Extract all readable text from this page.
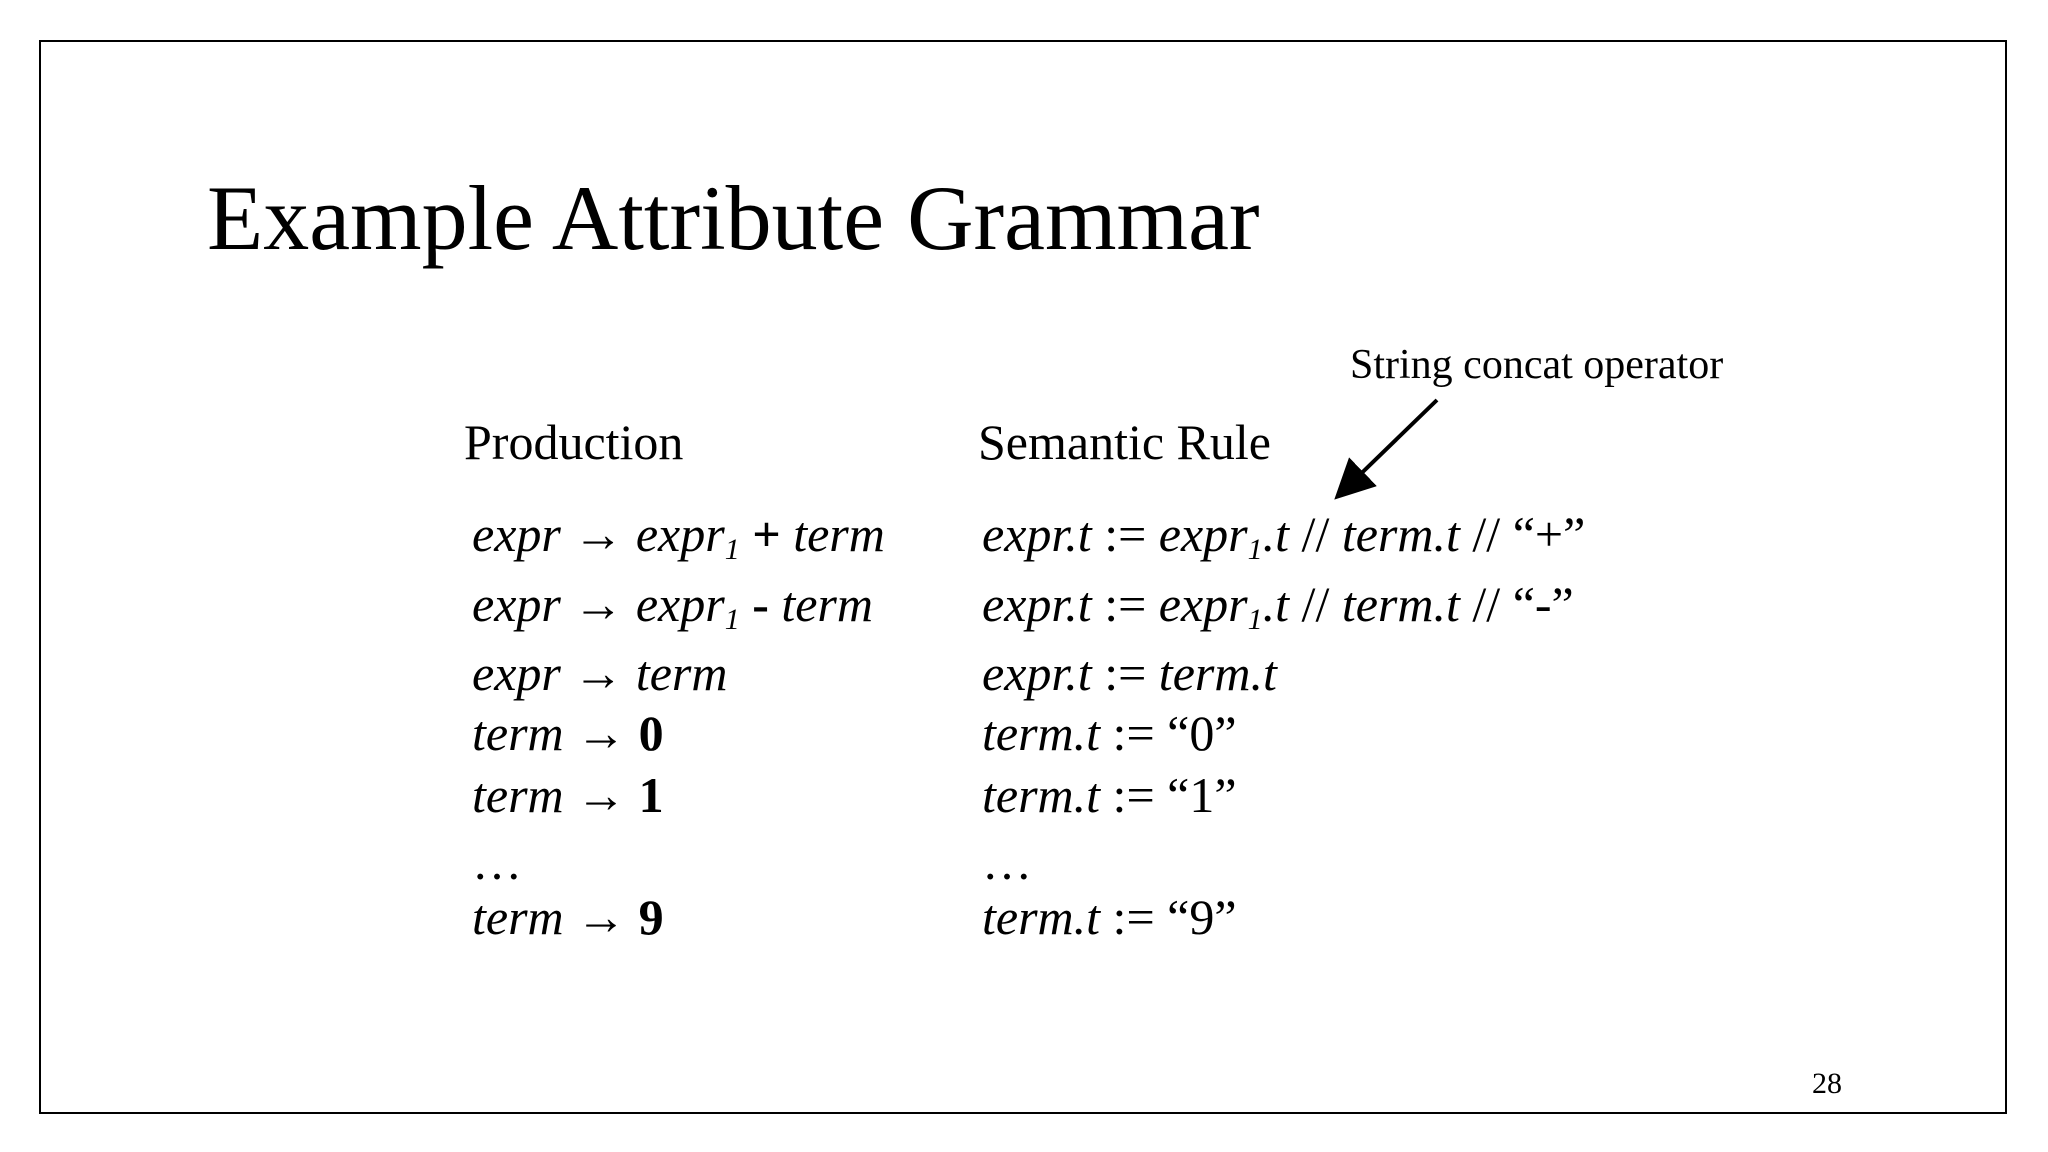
Example Attribute Grammar
String concat operator
Production	Semantic Rule
expr → expr$_1$ + term
expr → expr$_1$ - term
expr → term
term → 0
term → 1
…
term → 9
expr.t := expr$_1$.t // term.t // “+”
expr.t := expr$_1$.t // term.t // “-”
expr.t := term.t
term.t := “0”
term.t := “1”
…
term.t := “9”
28
